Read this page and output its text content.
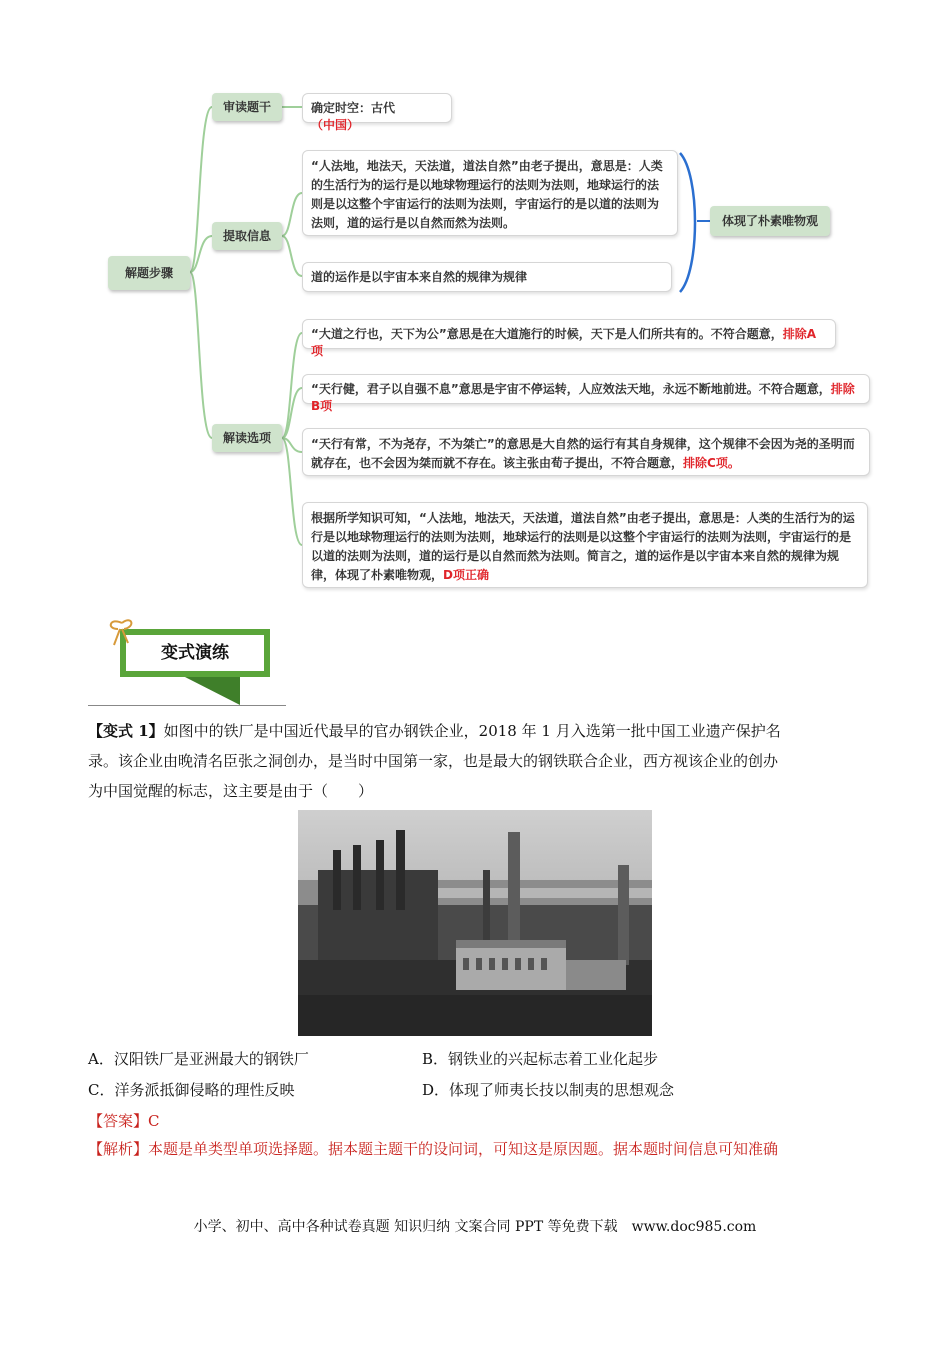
解题步骤
审读题干
提取信息
解读选项
确定时空：古代（中国）
“人法地，地法天，天法道，道法自然”由老子提出，意思是：人类的生活行为的运行是以地球物理运行的法则为法则，地球运行的法则是以这整个宇宙运行的法则为法则，宇宙运行的是以道的法则为法则，道的运行是以自然而然为法则。
道的运作是以宇宙本来自然的规律为规律
体现了朴素唯物观
“大道之行也，天下为公”意思是在大道施行的时候，天下是人们所共有的。不符合题意，排除A项
“天行健，君子以自强不息”意思是宇宙不停运转，人应效法天地，永远不断地前进。不符合题意，排除B项
“天行有常，不为尧存，不为桀亡”的意思是大自然的运行有其自身规律，这个规律不会因为尧的圣明而就存在，也不会因为桀而就不存在。该主张由荀子提出，不符合题意，排除C项。
根据所学知识可知，“人法地，地法天，天法道，道法自然”由老子提出，意思是：人类的生活行为的运行是以地球物理运行的法则为法则，地球运行的法则是以这整个宇宙运行的法则为法则，宇宙运行的是以道的法则为法则，道的运行是以自然而然为法则。简言之，道的运作是以宇宙本来自然的规律为规律，体现了朴素唯物观，D项正确
变式演练
【变式 1】如图中的铁厂是中国近代最早的官办钢铁企业，2018 年 1 月入选第一批中国工业遗产保护名
录。该企业由晚清名臣张之洞创办，是当时中国第一家，也是最大的钢铁联合企业，西方视该企业的创办
为中国觉醒的标志，这主要是由于（　　）
A．汉阳铁厂是亚洲最大的钢铁厂	B．钢铁业的兴起标志着工业化起步
C．洋务派抵御侵略的理性反映	D．体现了师夷长技以制夷的思想观念
【答案】C
【解析】本题是单类型单项选择题。据本题主题干的设问词，可知这是原因题。据本题时间信息可知准确
小学、初中、高中各种试卷真题 知识归纳 文案合同 PPT 等免费下载　www.doc985.com
